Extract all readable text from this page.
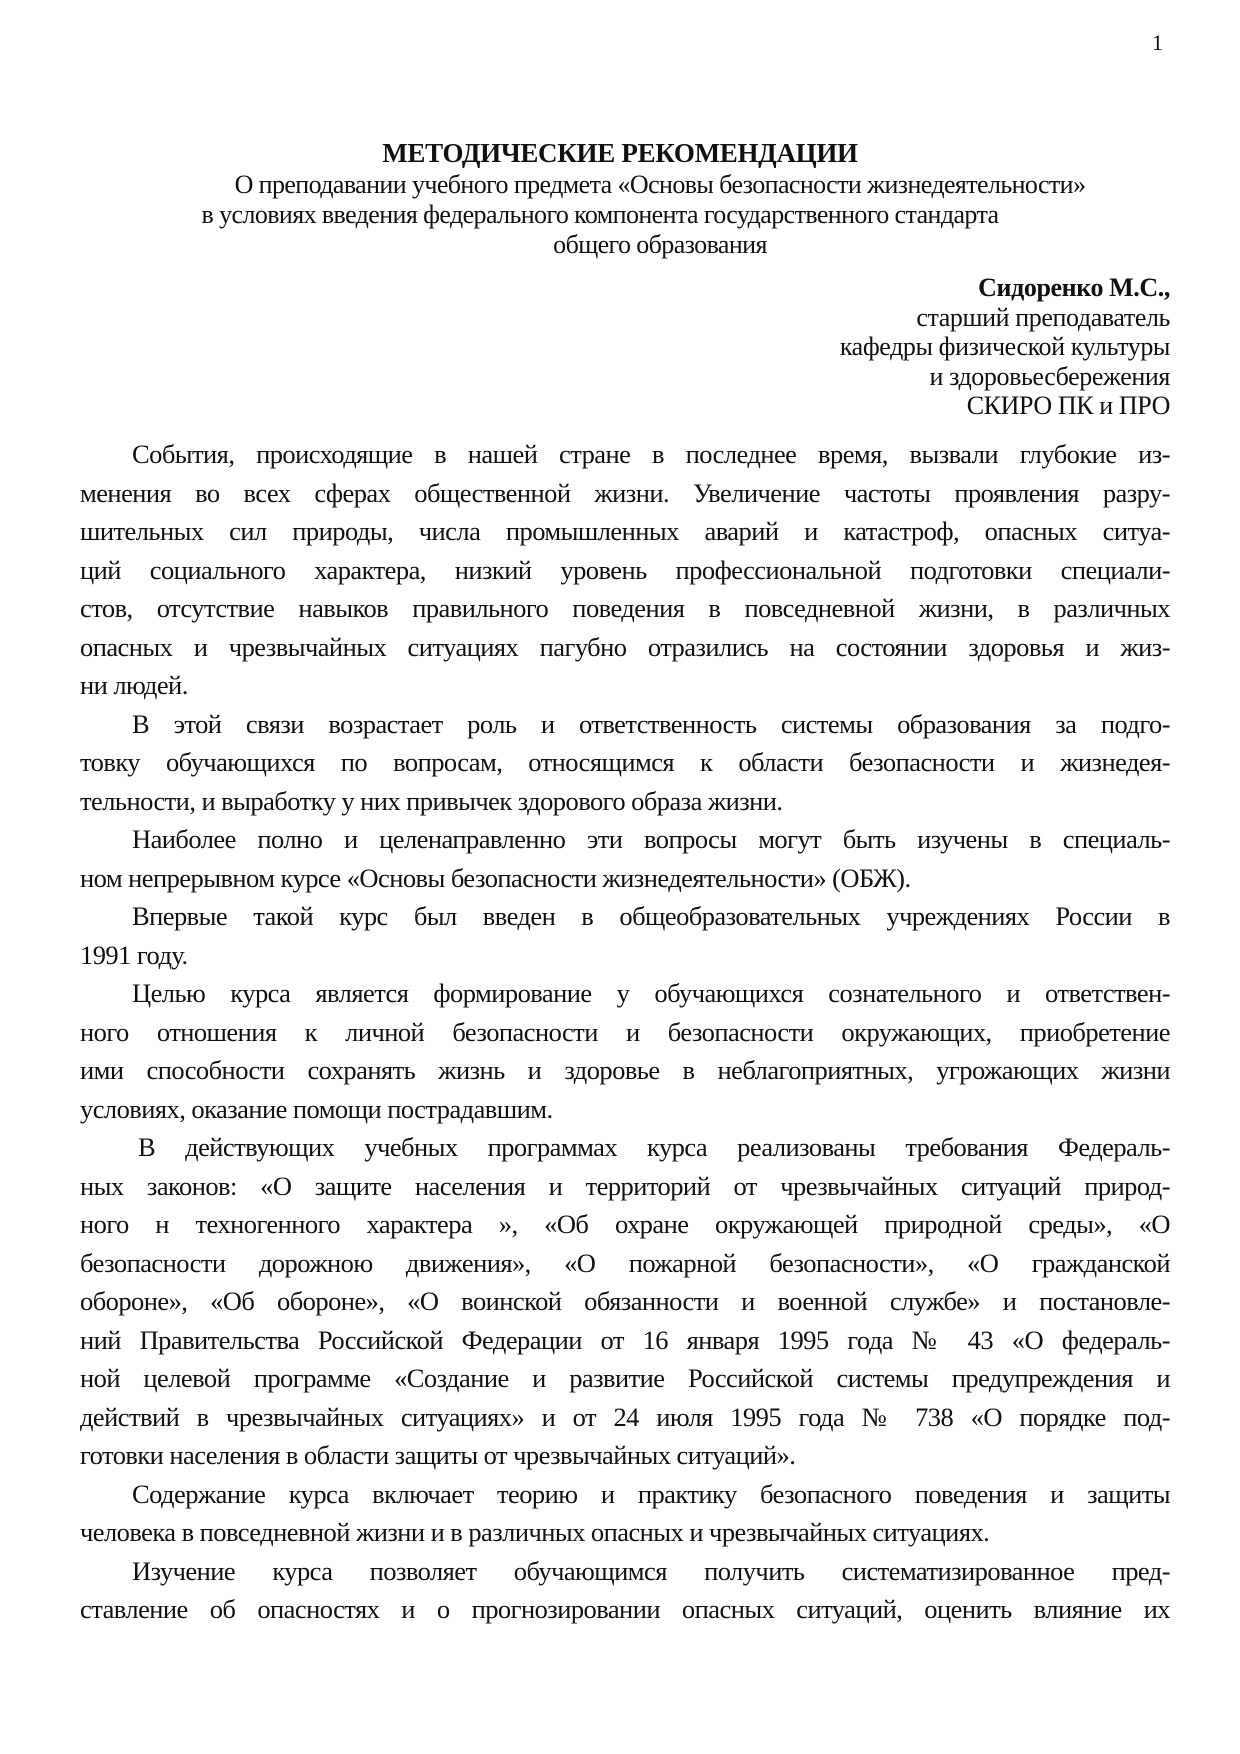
1
МЕТОДИЧЕСКИЕ РЕКОМЕНДАЦИИ
О преподавании учебного предмета «Основы безопасности жизнедеятельности»
в условиях введения федерального компонента государственного стандарта
общего образования
Сидоренко М.С.,
старший преподаватель
кафедры физической культуры
и здоровьесбережения
СКИРО ПК и ПРО
События, происходящие в нашей стране в последнее время, вызвали глубокие из-
менения во всех сферах общественной жизни. Увеличение частоты проявления разру-
шительных сил природы, числа промышленных аварий и катастроф, опасных ситуа-
ций социального характера, низкий уровень профессиональной подготовки специали-
стов, отсутствие навыков правильного поведения в повседневной жизни, в различных
опасных и чрезвычайных ситуациях пагубно отразились на состоянии здоровья и жиз-
ни людей.
В этой связи возрастает роль и ответственность системы образования за подго-
товку обучающихся по вопросам, относящимся к области безопасности и жизнедея-
тельности, и выработку у них привычек здорового образа жизни.
Наиболее полно и целенаправленно эти вопросы могут быть изучены в специаль-
ном непрерывном курсе «Основы безопасности жизнедеятельности» (ОБЖ).
Впервые такой курс был введен в общеобразовательных учреждениях России в
1991 году.
Целью курса является формирование у обучающихся сознательного и ответствен-
ного отношения к личной безопасности и безопасности окружающих, приобретение
ими способности сохранять жизнь и здоровье в неблагоприятных, угрожающих жизни
условиях, оказание помощи пострадавшим.
В действующих учебных программах курса реализованы требования Федераль-
ных законов: «О защите населения и территорий от чрезвычайных ситуаций природ-
ного н техногенного характера », «Об охране окружающей природной среды», «О
безопасности дорожною движения», «О пожарной безопасности», «О гражданской
обороне», «Об обороне», «О воинской обязанности и военной службе» и постановле-
ний Правительства Российской Федерации от 16 января 1995 года № 43 «О федераль-
ной целевой программе «Создание и развитие Российской системы предупреждения и
действий в чрезвычайных ситуациях» и от 24 июля 1995 года № 738 «О порядке под-
готовки населения в области защиты от чрезвычайных ситуаций».
Содержание курса включает теорию и практику безопасного поведения и защиты
человека в повседневной жизни и в различных опасных и чрезвычайных ситуациях.
Изучение курса позволяет обучающимся получить систематизированное пред-
ставление об опасностях и о прогнозировании опасных ситуаций, оценить влияние их
